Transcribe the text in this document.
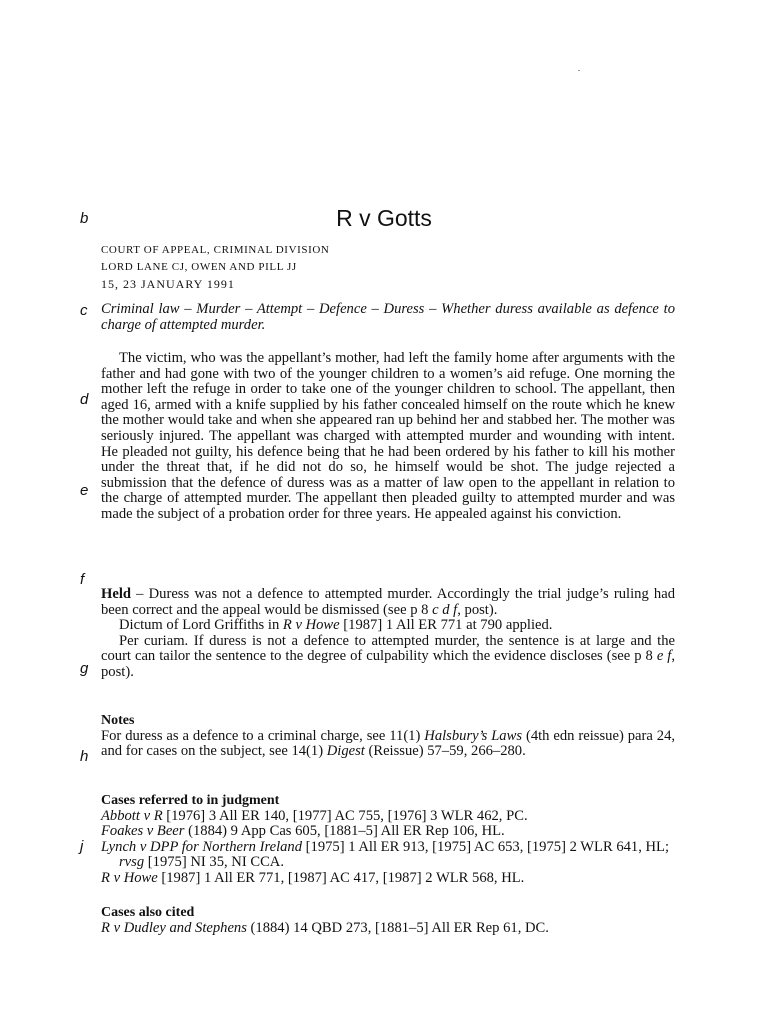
b
c
d
e
f
g
h
j
R v Gotts
COURT OF APPEAL, CRIMINAL DIVISION
LORD LANE CJ, OWEN AND PILL JJ
15, 23 JANUARY 1991
Criminal law – Murder – Attempt – Defence – Duress – Whether duress available as defence to charge of attempted murder.

The victim, who was the appellant’s mother, had left the family home after arguments with the father and had gone with two of the younger children to a women’s aid refuge. One morning the mother left the refuge in order to take one of the younger children to school. The appellant, then aged 16, armed with a knife supplied by his father concealed himself on the route which he knew the mother would take and when she appeared ran up behind her and stabbed her. The mother was seriously injured. The appellant was charged with attempted murder and wounding with intent. He pleaded not guilty, his defence being that he had been ordered by his father to kill his mother under the threat that, if he did not do so, he himself would be shot. The judge rejected a submission that the defence of duress was as a matter of law open to the appellant in relation to the charge of attempted murder. The appellant then pleaded guilty to attempted murder and was made the subject of a probation order for three years. He appealed against his conviction.

Held – Duress was not a defence to attempted murder. Accordingly the trial judge’s ruling had been correct and the appeal would be dismissed (see p 8 c d f, post).

Dictum of Lord Griffiths in R v Howe [1987] 1 All ER 771 at 790 applied.

Per curiam. If duress is not a defence to attempted murder, the sentence is at large and the court can tailor the sentence to the degree of culpability which the evidence discloses (see p 8 e f, post).

Notes

For duress as a defence to a criminal charge, see 11(1) Halsbury’s Laws (4th edn reissue) para 24, and for cases on the subject, see 14(1) Digest (Reissue) 57–59, 266–280.

Cases referred to in judgment

Abbott v R [1976] 3 All ER 140, [1977] AC 755, [1976] 3 WLR 462, PC.

Foakes v Beer (1884) 9 App Cas 605, [1881–5] All ER Rep 106, HL.

Lynch v DPP for Northern Ireland [1975] 1 All ER 913, [1975] AC 653, [1975] 2 WLR 641, HL; rvsg [1975] NI 35, NI CCA.

R v Howe [1987] 1 All ER 771, [1987] AC 417, [1987] 2 WLR 568, HL.

Cases also cited

R v Dudley and Stephens (1884) 14 QBD 273, [1881–5] All ER Rep 61, DC.
